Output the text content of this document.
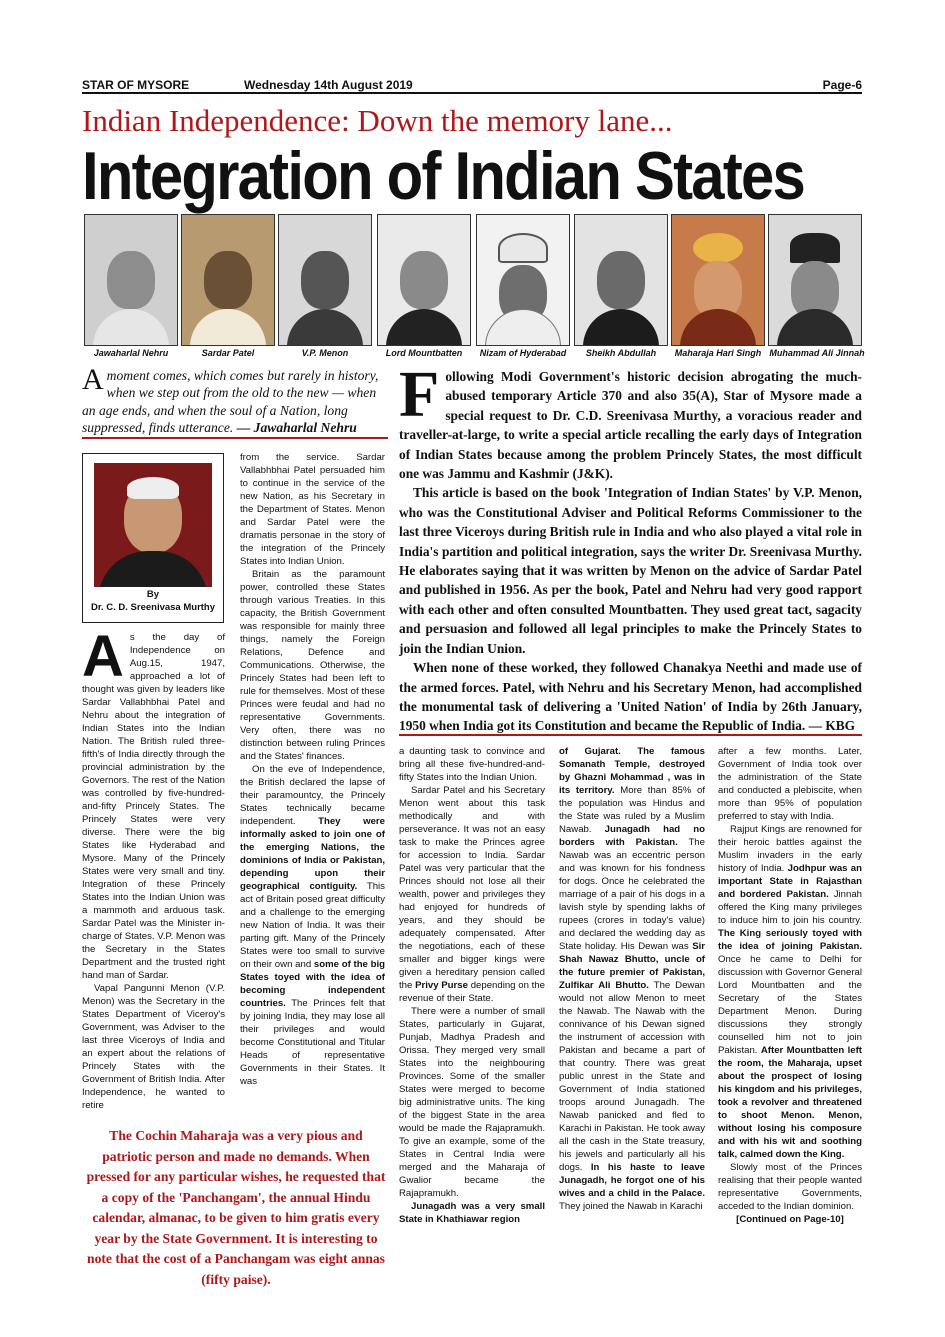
STAR OF MYSORE	Wednesday 14th August 2019	Page-6
Indian Independence: Down the memory lane...
Integration of Indian States
Jawaharlal Nehru	Sardar Patel	V.P. Menon	Lord Mountbatten	Nizam of Hyderabad	Sheikh Abdullah	Maharaja Hari Singh Muhammad Ali Jinnah
A moment comes, which comes but rarely in history, when we step out from the old to the new — when an age ends, and when the soul of a Nation, long suppressed, finds utterance. — Jawaharlal Nehru
By
Dr. C. D. Sreenivasa Murthy

As the day of Independence on Aug.15, 1947, approached a lot of thought was given by leaders like Sardar Vallabhbhai Patel and Nehru about the integration of Indian States into the Indian Nation. The British ruled three-fifth's of India directly through the provincial administration by the Governors. The rest of the Nation was controlled by five-hundred-and-fifty Princely States. The Princely States were very diverse. There were the big States like Hyderabad and Mysore. Many of the Princely States were very small and tiny. Integration of these Princely States into the Indian Union was a mammoth and arduous task. Sardar Patel was the Minister in-charge of States. V.P. Menon was the Secretary in the States Department and the trusted right hand man of Sardar.

Vapal Pangunni Menon (V.P. Menon) was the Secretary in the States Department of Viceroy's Government, was Adviser to the last three Viceroys of India and an expert about the relations of Princely States with the Government of British India. After Independence, he wanted to retire

from the service. Sardar Vallabhbhai Patel persuaded him to continue in the service of the new Nation, as his Secretary in the Department of States. Menon and Sardar Patel were the dramatis personae in the story of the integration of the Princely States into Indian Union.

Britain as the paramount power, controlled these States through various Treaties. In this capacity, the British Government was responsible for mainly three things, namely the Foreign Relations, Defence and Communications. Otherwise, the Princely States had been left to rule for themselves. Most of these Princes were feudal and had no representative Governments. Very often, there was no distinction between ruling Princes and the States' finances.

On the eve of Independence, the British declared the lapse of their paramountcy, the Princely States technically became independent. They were informally asked to join one of the emerging Nations, the dominions of India or Pakistan, depending upon their geographical contiguity. This act of Britain posed great difficulty and a challenge to the emerging new Nation of India. It was their parting gift. Many of the Princely States were too small to survive on their own and some of the big States toyed with the idea of becoming independent countries. The Princes felt that by joining India, they may lose all their privileges and would become Constitutional and Titular Heads of representative Governments in their States. It was

The Cochin Maharaja was a very pious and patriotic person and made no demands. When pressed for any particular wishes, he requested that a copy of the 'Panchangam', the annual Hindu calendar, almanac, to be given to him gratis every year by the State Government. It is interesting to note that the cost of a Panchangam was eight annas (fifty paise).

Following Modi Government's historic decision abrogating the much-abused temporary Article 370 and also 35(A), Star of Mysore made a special request to Dr. C.D. Sreenivasa Murthy, a voracious reader and traveller-at-large, to write a special article recalling the early days of Integration of Indian States because among the problem Princely States, the most difficult one was Jammu and Kashmir (J&K).

This article is based on the book 'Integration of Indian States' by V.P. Menon, who was the Constitutional Adviser and Political Reforms Commissioner to the last three Viceroys during British rule in India and who also played a vital role in India's partition and political integration, says the writer Dr. Sreenivasa Murthy. He elaborates saying that it was written by Menon on the advice of Sardar Patel and published in 1956. As per the book, Patel and Nehru had very good rapport with each other and often consulted Mountbatten. They used great tact, sagacity and persuasion and followed all legal principles to make the Princely States to join the Indian Union.

When none of these worked, they followed Chanakya Neethi and made use of the armed forces. Patel, with Nehru and his Secretary Menon, had accomplished the monumental task of delivering a 'United Nation' of India by 26th January, 1950 when India got its Constitution and became the Republic of India. — KBG

a daunting task to convince and bring all these five-hundred-and-fifty States into the Indian Union.

Sardar Patel and his Secretary Menon went about this task methodically and with perseverance. It was not an easy task to make the Princes agree for accession to India. Sardar Patel was very particular that the Princes should not lose all their wealth, power and privileges they had enjoyed for hundreds of years, and they should be adequately compensated. After the negotiations, each of these smaller and bigger kings were given a hereditary pension called the Privy Purse depending on the revenue of their State.

There were a number of small States, particularly in Gujarat, Punjab, Madhya Pradesh and Orissa. They merged very small States into the neighbouring Provinces. Some of the smaller States were merged to become big administrative units. The king of the biggest State in the area would be made the Rajapramukh. To give an example, some of the States in Central India were merged and the Maharaja of Gwalior became the Rajapramukh.

Junagadh was a very small State in Khathiawar region

of Gujarat. The famous Somanath Temple, destroyed by Ghazni Mohammad , was in its territory. More than 85% of the population was Hindus and the State was ruled by a Muslim Nawab. Junagadh had no borders with Pakistan. The Nawab was an eccentric person and was known for his fondness for dogs. Once he celebrated the marriage of a pair of his dogs in a lavish style by spending lakhs of rupees (crores in today's value) and declared the wedding day as State holiday. His Dewan was Sir Shah Nawaz Bhutto, uncle of the future premier of Pakistan, Zulfikar Ali Bhutto. The Dewan would not allow Menon to meet the Nawab. The Nawab with the connivance of his Dewan signed the instrument of accession with Pakistan and became a part of that country. There was great public unrest in the State and Government of India stationed troops around Junagadh. The Nawab panicked and fled to Karachi in Pakistan. He took away all the cash in the State treasury, his jewels and particularly all his dogs. In his haste to leave Junagadh, he forgot one of his wives and a child in the Palace. They joined the Nawab in Karachi

after a few months. Later, Government of India took over the administration of the State and conducted a plebiscite, when more than 95% of population preferred to stay with India.

Rajput Kings are renowned for their heroic battles against the Muslim invaders in the early history of India. Jodhpur was an important State in Rajasthan and bordered Pakistan. Jinnah offered the King many privileges to induce him to join his country. The King seriously toyed with the idea of joining Pakistan. Once he came to Delhi for discussion with Governor General Lord Mountbatten and the Secretary of the States Department Menon. During discussions they strongly counselled him not to join Pakistan. After Mountbatten left the room, the Maharaja, upset about the prospect of losing his kingdom and his privileges, took a revolver and threatened to shoot Menon. Menon, without losing his composure and with his wit and soothing talk, calmed down the King.

Slowly most of the Princes realising that their people wanted representative Governments, acceded to the Indian dominion.

[Continued on Page-10]
